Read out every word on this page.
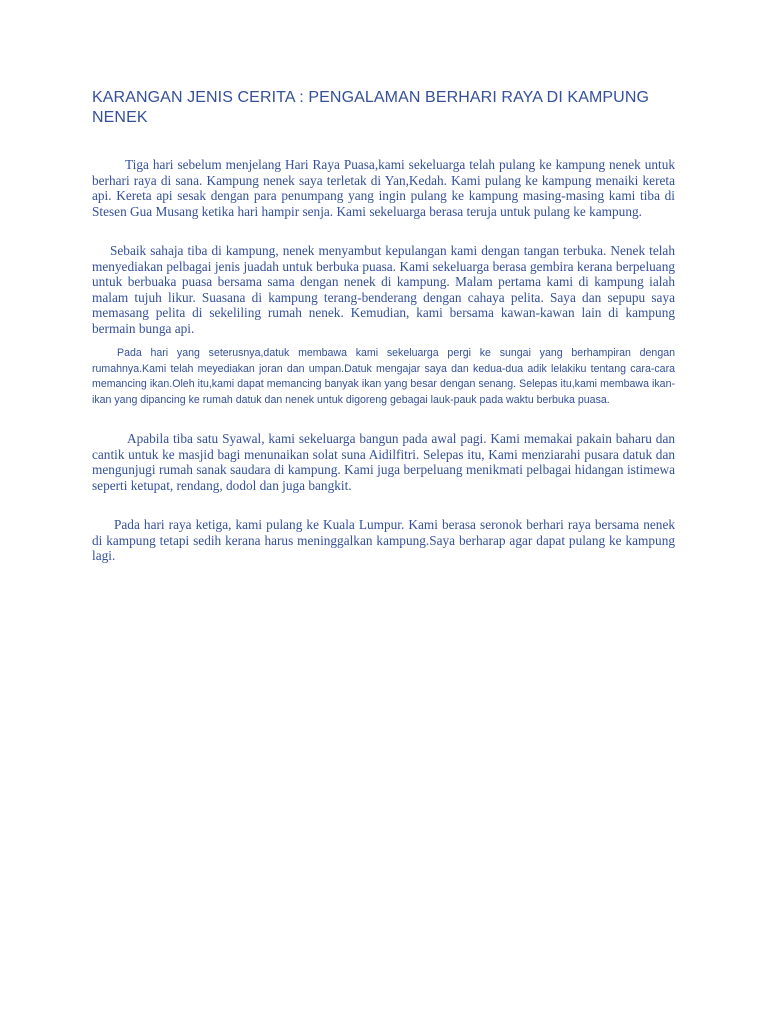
KARANGAN JENIS CERITA : PENGALAMAN BERHARI RAYA DI KAMPUNG NENEK

Tiga hari sebelum menjelang Hari Raya Puasa,kami sekeluarga telah pulang ke kampung nenek untuk berhari raya di sana. Kampung nenek saya terletak di Yan,Kedah. Kami pulang ke kampung menaiki kereta api. Kereta api sesak dengan para penumpang yang ingin pulang ke kampung masing-masing kami tiba di Stesen Gua Musang ketika hari hampir senja. Kami sekeluarga berasa teruja untuk pulang ke kampung.

Sebaik sahaja tiba di kampung, nenek menyambut kepulangan kami dengan tangan terbuka. Nenek telah menyediakan pelbagai jenis juadah untuk berbuka puasa. Kami sekeluarga berasa gembira kerana berpeluang untuk berbuaka puasa bersama sama dengan nenek di kampung. Malam pertama kami di kampung ialah malam tujuh likur. Suasana di kampung terang-benderang dengan cahaya pelita. Saya dan sepupu saya memasang pelita di sekeliling rumah nenek. Kemudian, kami bersama kawan-kawan lain di kampung bermain bunga api.

Pada hari yang seterusnya,datuk membawa kami sekeluarga pergi ke sungai yang berhampiran dengan rumahnya.Kami telah meyediakan joran dan umpan.Datuk mengajar saya dan kedua-dua adik lelakiku tentang cara-cara memancing ikan.Oleh itu,kami dapat memancing banyak ikan yang besar dengan senang. Selepas itu,kami membawa ikan-ikan yang dipancing ke rumah datuk dan nenek untuk digoreng gebagai lauk-pauk pada waktu berbuka puasa.

Apabila tiba satu Syawal, kami sekeluarga bangun pada awal pagi. Kami memakai pakain baharu dan cantik untuk ke masjid bagi menunaikan solat suna Aidilfitri. Selepas itu, Kami menziarahi pusara datuk dan mengunjugi rumah sanak saudara di kampung. Kami juga berpeluang menikmati pelbagai hidangan istimewa seperti ketupat, rendang, dodol dan juga bangkit.

Pada hari raya ketiga, kami pulang ke Kuala Lumpur. Kami berasa seronok berhari raya bersama nenek di kampung tetapi sedih kerana harus meninggalkan kampung.Saya berharap agar dapat pulang ke kampung lagi.
